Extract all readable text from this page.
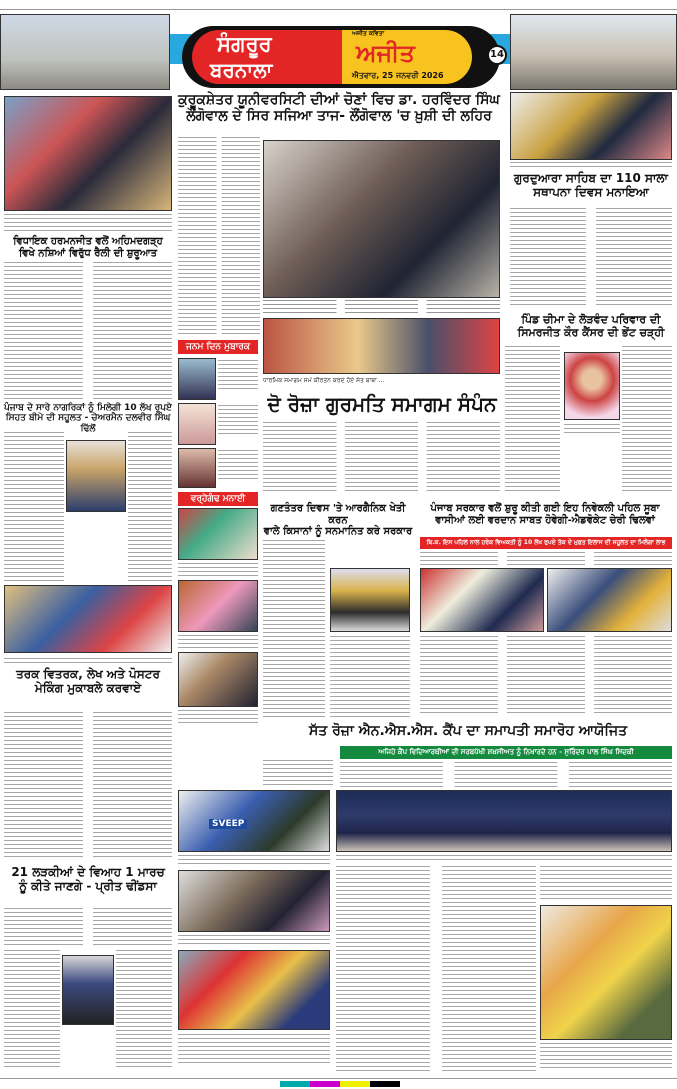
ਸੰਗਰੂਰ
ਬਰਨਾਲਾ
ਅਜੀਤ ਕਵਿਤਾ
ਅਜੀਤ
ਐਤਵਾਰ, 25 ਜਨਵਰੀ 2026
14
ਕੁਰੂਕਸ਼ੇਤਰ ਯੂਨੀਵਰਸਿਟੀ ਦੀਆਂ ਚੋਣਾਂ ਵਿਚ ਡਾ. ਹਰਵਿੰਦਰ ਸਿੰਘ
ਲੌਂਗੋਵਾਲ ਦੇ ਸਿਰ ਸਜਿਆ ਤਾਜ- ਲੌਂਗੋਵਾਲ 'ਚ ਖ਼ੁਸ਼ੀ ਦੀ ਲਹਿਰ
ਵਿਧਾਇਕ ਹਰਮਨਜੀਤ ਵਲੋਂ ਅਹਿਮਦਗੜ੍ਹ
ਵਿਖੇ ਨਸ਼ਿਆਂ ਵਿਰੁੱਧ ਰੈਲੀ ਦੀ ਸ਼ੁਰੂਆਤ
ਪੰਜਾਬ ਦੇ ਸਾਰੇ ਨਾਗਰਿਕਾਂ ਨੂੰ ਮਿਲੇਗੀ 10 ਲੱਖ ਰੁਪਏ
ਸਿਹਤ ਬੀਮੇ ਦੀ ਸਹੂਲਤ - ਚੇਅਰਮੈਨ ਦਲਵੀਰ ਸਿੰਘ ਢਿੱਲੋਂ
ਤਰਕ ਵਿਤਰਕ, ਲੇਖ ਅਤੇ ਪੋਸਟਰ
ਮੇਕਿੰਗ ਮੁਕਾਬਲੇ ਕਰਵਾਏ
21 ਲੜਕੀਆਂ ਦੇ ਵਿਆਹ 1 ਮਾਰਚ
ਨੂੰ ਕੀਤੇ ਜਾਣਗੇ - ਪ੍ਰੀਤ ਢੀਂਡਸਾ
ਜਨਮ ਦਿਨ ਮੁਬਾਰਕ
ਵਰ੍ਹੇਗੰਢ ਮਨਾਈ
ਧਾਰਮਿਕ ਸਮਾਗਮ ਸਮੇਂ ਕੀਰਤਨ ਕਰਦੇ ਹੋਏ ਸੰਤ ਬਾਬਾ ...
ਦੋ ਰੋਜ਼ਾ ਗੁਰਮਤਿ ਸਮਾਗਮ ਸੰਪੰਨ
ਗੁਰਦੁਆਰਾ ਸਾਹਿਬ ਦਾ 110 ਸਾਲਾ
ਸਥਾਪਨਾ ਦਿਵਸ ਮਨਾਇਆ
ਪਿੰਡ ਚੀਮਾ ਦੇ ਲੋੜਵੰਦ ਪਰਿਵਾਰ ਦੀ
ਸਿਮਰਜੀਤ ਕੌਰ ਕੈਂਸਰ ਦੀ ਭੇਂਟ ਚੜ੍ਹੀ
ਗਣਤੰਤਰ ਦਿਵਸ 'ਤੇ ਆਰਗੈਨਿਕ ਖੇਤੀ ਕਰਨ
ਵਾਲੇ ਕਿਸਾਨਾਂ ਨੂੰ ਸਨਮਾਨਿਤ ਕਰੇ ਸਰਕਾਰ
ਪੰਜਾਬ ਸਰਕਾਰ ਵਲੋਂ ਸ਼ੁਰੂ ਕੀਤੀ ਗਈ ਇਹ ਨਿਵੇਕਲੀ ਪਹਿਲ ਸੂਬਾ
ਵਾਸੀਆਂ ਲਈ ਵਰਦਾਨ ਸਾਬਤ ਹੋਵੇਗੀ-ਐਡਵੋਕੇਟ ਚੇਰੀ ਢਿਲਵਾਂ
ਬਿ.ਕ. ਇਸ ਪਹਿਲ ਨਾਲ ਹਰੇਕ ਵਿਅਕਤੀ ਨੂੰ 10 ਲੱਖ ਰੁਪਏ ਤੱਕ ਦੇ ਮੁਫ਼ਤ ਇਲਾਜ ਦੀ ਸਹੂਲਤ ਦਾ ਮਿਲੇਗਾ ਲਾਭ
ਸੱਤ ਰੋਜ਼ਾ ਐਨ.ਐਸ.ਐਸ. ਕੈਂਪ ਦਾ ਸਮਾਪਤੀ ਸਮਾਰੋਹ ਆਯੋਜਿਤ
ਅਜਿਹੇ ਕੈਂਪ ਵਿਦਿਆਰਥੀਆਂ ਦੀ ਸਰਬਪੱਖੀ ਸ਼ਖ਼ਸੀਅਤ ਨੂੰ ਨਿਖਾਰਦੇ ਹਨ - ਸੁਰਿੰਦਰ ਪਾਲ ਸਿੰਘ ਸਿਦਕੀ
SVEEP
